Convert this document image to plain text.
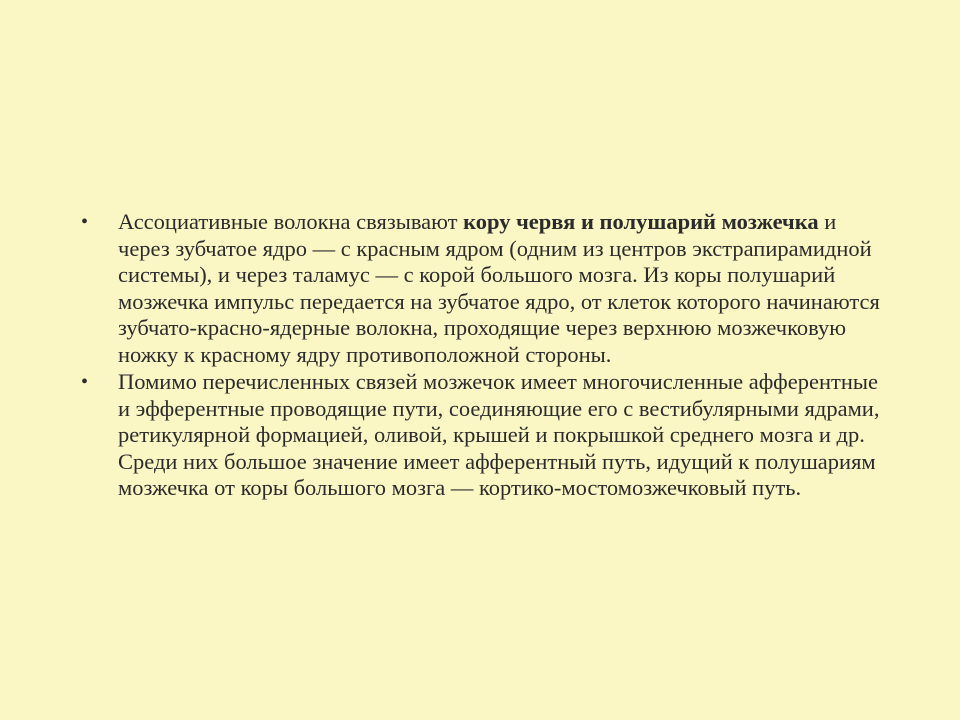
• Ассоциативные волокна связывают кору червя и полушарий мозжечка и через зубчатое ядро — с красным ядром (одним из центров экстрапирамидной системы), и через таламус — с корой большого мозга. Из коры полушарий мозжечка импульс передается на зубчатое ядро, от клеток которого начинаются зубчато-красно-ядерные волокна, проходящие через верхнюю мозжечковую ножку к красному ядру противоположной стороны.
• Помимо перечисленных связей мозжечок имеет многочисленные афферентные и эфферентные проводящие пути, соединяющие его с вестибулярными ядрами, ретикулярной формацией, оливой, крышей и покрышкой среднего мозга и др. Среди них большое значение имеет афферентный путь, идущий к полушариям мозжечка от коры большого мозга — кортико-мостомозжечковый путь.
